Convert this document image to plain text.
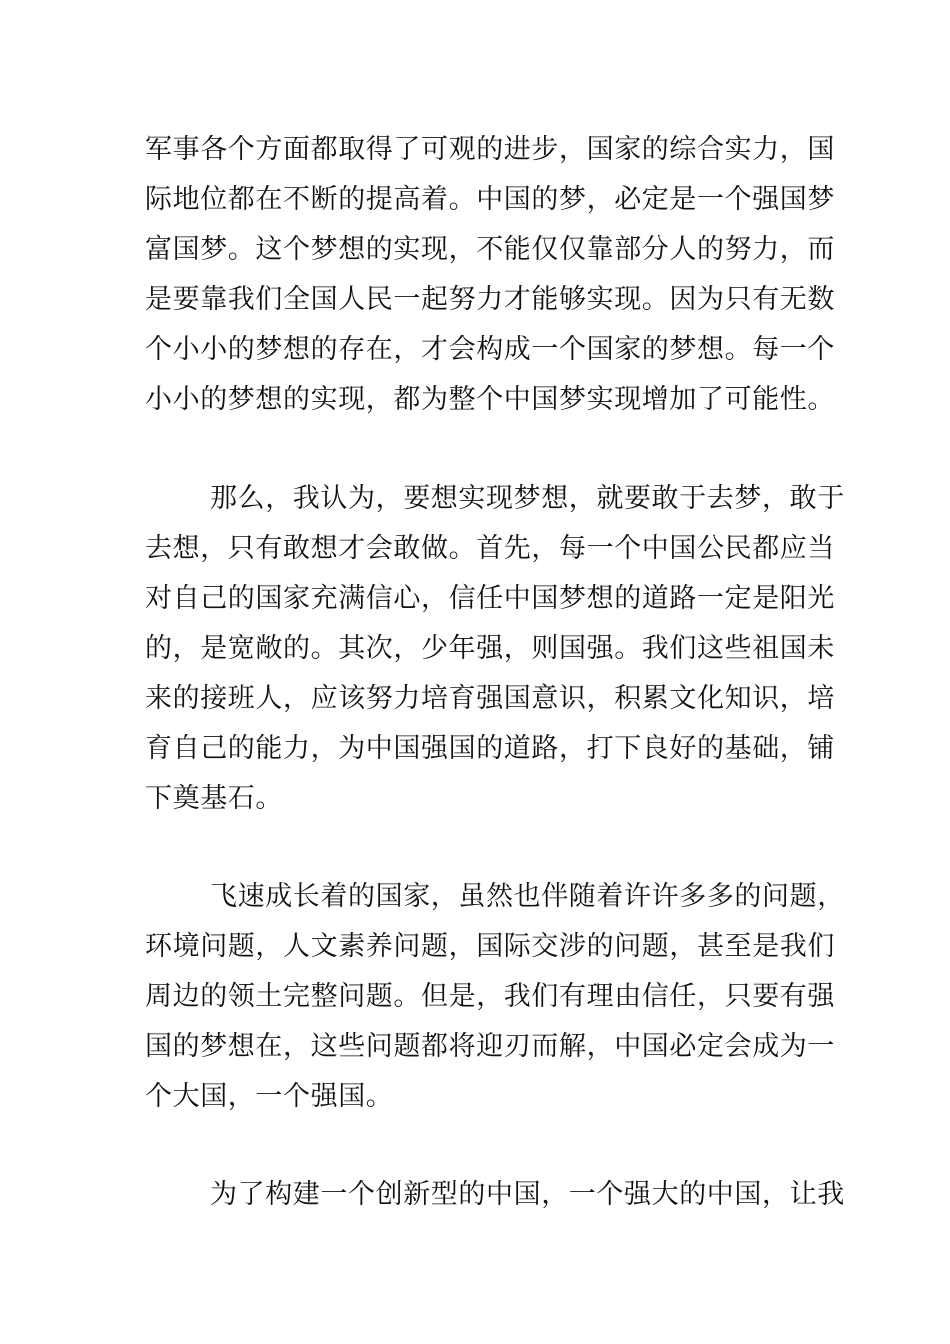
军事各个方面都取得了可观的进步，国家的综合实力，国
际地位都在不断的提高着。中国的梦，必定是一个强国梦
富国梦。这个梦想的实现，不能仅仅靠部分人的努力，而
是要靠我们全国人民一起努力才能够实现。因为只有无数
个小小的梦想的存在，才会构成一个国家的梦想。每一个
小小的梦想的实现，都为整个中国梦实现增加了可能性。
那么，我认为，要想实现梦想，就要敢于去梦，敢于
去想，只有敢想才会敢做。首先，每一个中国公民都应当
对自己的国家充满信心，信任中国梦想的道路一定是阳光
的，是宽敞的。其次，少年强，则国强。我们这些祖国未
来的接班人，应该努力培育强国意识，积累文化知识，培
育自己的能力，为中国强国的道路，打下良好的基础，铺
下奠基石。
飞速成长着的国家，虽然也伴随着许许多多的问题，
环境问题，人文素养问题，国际交涉的问题，甚至是我们
周边的领土完整问题。但是，我们有理由信任，只要有强
国的梦想在，这些问题都将迎刃而解，中国必定会成为一
个大国，一个强国。
为了构建一个创新型的中国，一个强大的中国，让我
